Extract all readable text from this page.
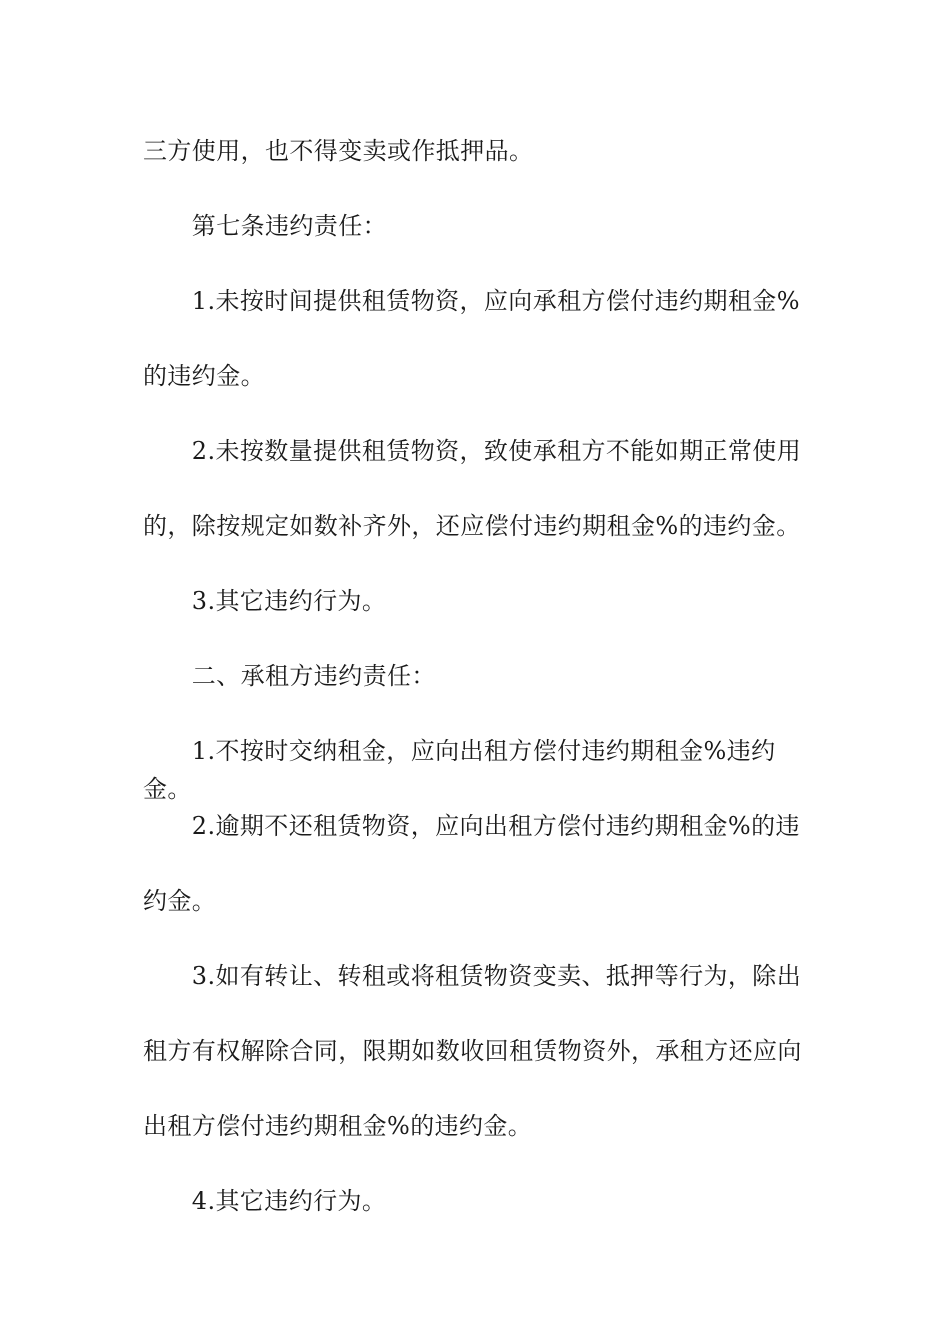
三方使用，也不得变卖或作抵押品。
　　第七条违约责任：
　　1.未按时间提供租赁物资，应向承租方偿付违约期租金%
的违约金。
　　2.未按数量提供租赁物资，致使承租方不能如期正常使用
的，除按规定如数补齐外，还应偿付违约期租金%的违约金。
　　3.其它违约行为。
　　二、承租方违约责任：
　　1.不按时交纳租金，应向出租方偿付违约期租金%违约金。
　　2.逾期不还租赁物资，应向出租方偿付违约期租金%的违
约金。
　　3.如有转让、转租或将租赁物资变卖、抵押等行为，除出
租方有权解除合同，限期如数收回租赁物资外，承租方还应向
出租方偿付违约期租金%的违约金。
　　4.其它违约行为。
